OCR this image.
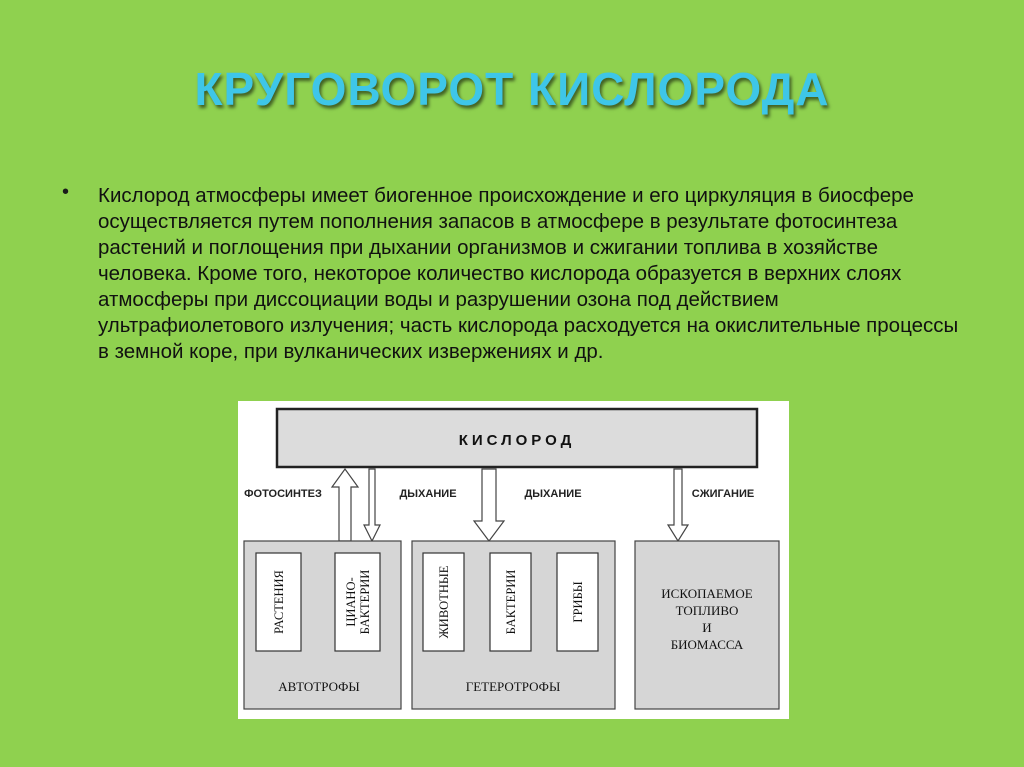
КРУГОВОРОТ КИСЛОРОДА
• Кислород атмосферы имеет биогенное происхождение и его циркуляция в биосфере осуществляется путем пополнения запасов в атмосфере в результате фотосинтеза растений и поглощения при дыхании организмов и сжигании топлива в хозяйстве человека. Кроме того, некоторое количество кислорода образуется в верхних слоях атмосферы при диссоциации воды и разрушении озона под действием ультрафиолетового излучения; часть кислорода расходуется на окислительные процессы в земной коре, при вулканических извержениях и др.
КИСЛОРОД
ФОТОСИНТЕЗ	ДЫХАНИЕ	ДЫХАНИЕ	СЖИГАНИЕ
РАСТЕНИЯ	ЦИАНО- БАКТЕРИИ
АВТОТРОФЫ
ЖИВОТНЫЕ	БАКТЕРИИ	ГРИБЫ
ГЕТЕРОТРОФЫ
ИСКОПАЕМОЕ
ТОПЛИВО
И
БИОМАССА
